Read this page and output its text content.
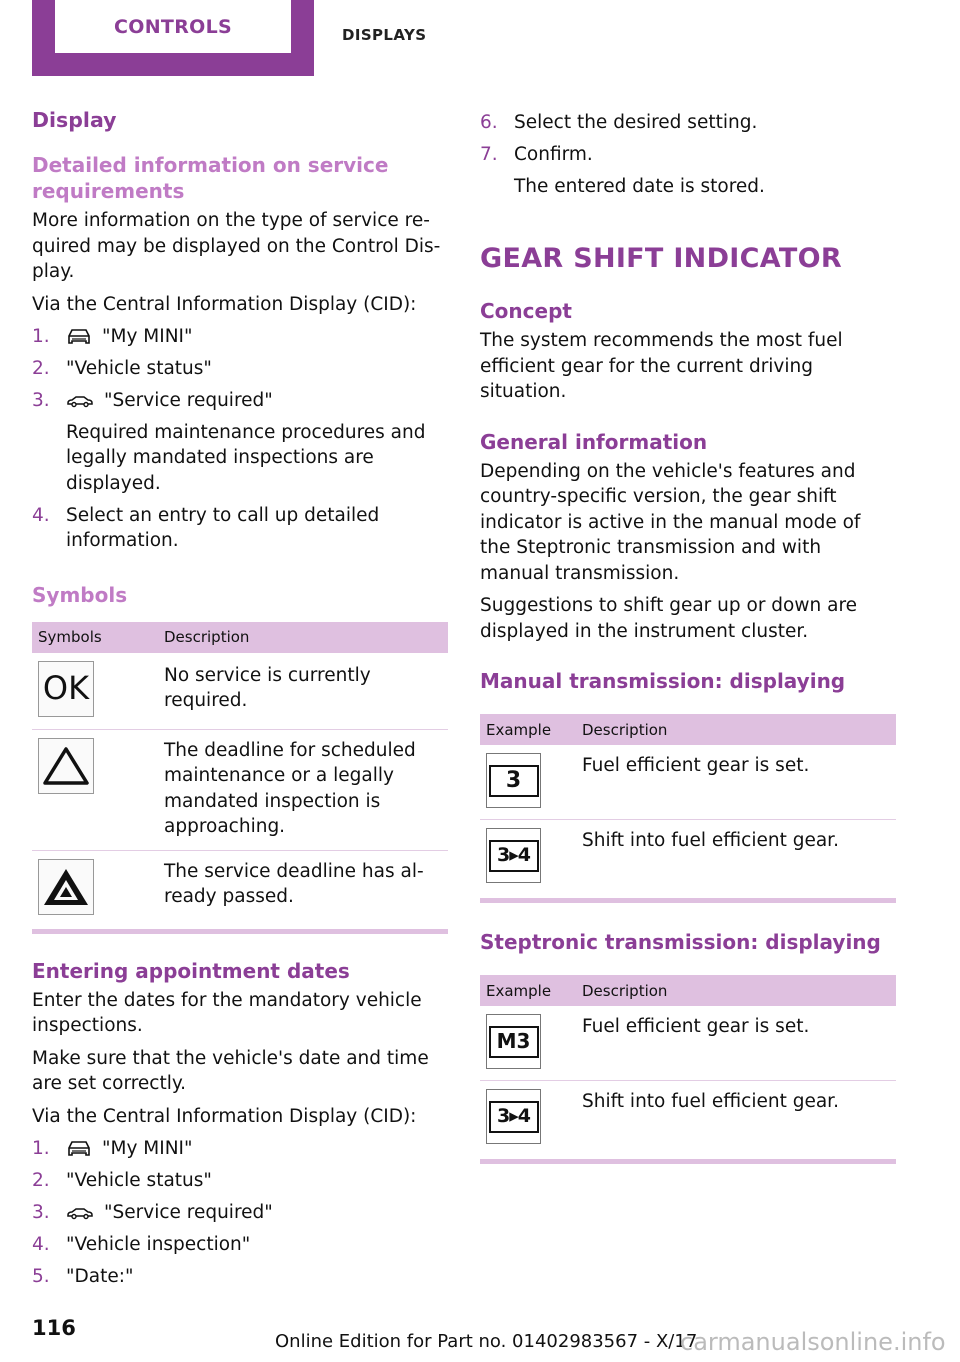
CONTROLS	DISPLAYS
Display
Detailed information on service requirements

More information on the type of service required may be displayed on the Control Display.

Via the Central Information Display (CID):

1.	"My MINI"
2. "Vehicle status"
3.	"Service required"
Required maintenance procedures and legally mandated inspections are displayed.
4. Select an entry to call up detailed information.
Symbols
Symbols	Description

OK	No service is currently required.

	The deadline for scheduled maintenance or a legally mandated inspection is approaching.

	The service deadline has already passed.
Entering appointment dates

Enter the dates for the mandatory vehicle inspections.

Make sure that the vehicle's date and time are set correctly.

Via the Central Information Display (CID):

1.	"My MINI"
2. "Vehicle status"
3.	"Service required"
4. "Vehicle inspection"
5. "Date:"
6. Select the desired setting.
7. Confirm.
The entered date is stored.
GEAR SHIFT INDICATOR
Concept

The system recommends the most fuel efficient gear for the current driving situation.

General information

Depending on the vehicle's features and country-specific version, the gear shift indicator is active in the manual mode of the Steptronic transmission and with manual transmission.

Suggestions to shift gear up or down are displayed in the instrument cluster.

Manual transmission: displaying
Example	Description

3	Fuel efficient gear is set.

3▸4	Shift into fuel efficient gear.
Steptronic transmission: displaying
Example	Description

M3	Fuel efficient gear is set.

3▸4	Shift into fuel efficient gear.
116
Online Edition for Part no. 01402983567 - X/17
carmanualsonline.info
